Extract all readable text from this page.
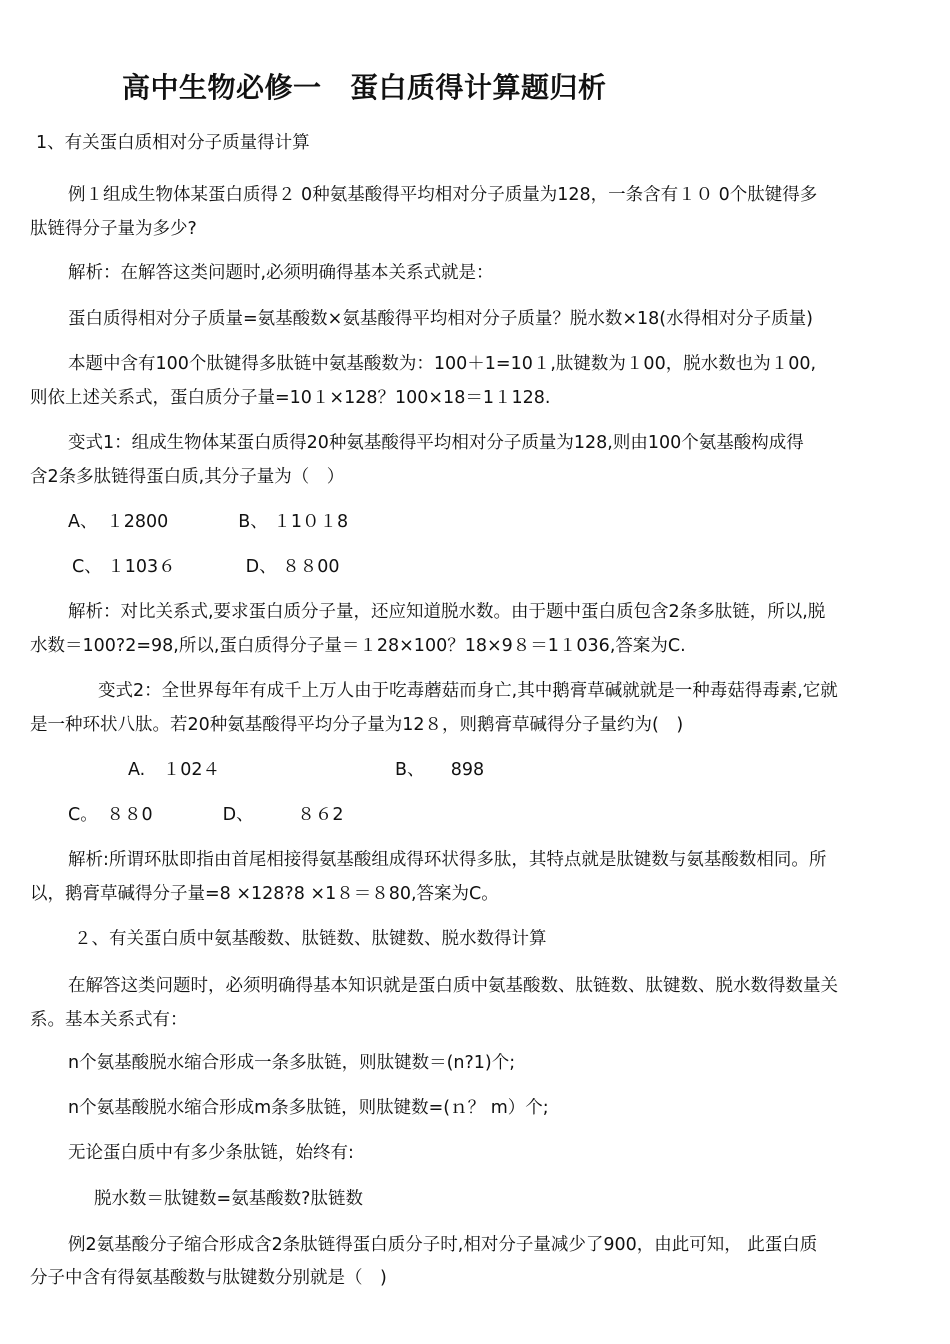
高中生物必修一　蛋白质得计算题归析
1、有关蛋白质相对分子质量得计算
例１组成生物体某蛋白质得２ 0种氨基酸得平均相对分子质量为128，一条含有１０ 0个肽键得多
肽链得分子量为多少?
解析：在解答这类问题时,必须明确得基本关系式就是：
蛋白质得相对分子质量=氨基酸数×氨基酸得平均相对分子质量？脱水数×18(水得相对分子质量)
本题中含有100个肽键得多肽链中氨基酸数为：100＋1=10１,肽键数为１00，脱水数也为１00,
则依上述关系式，蛋白质分子量=10１×128？100×18＝1１128.
变式1：组成生物体某蛋白质得20种氨基酸得平均相对分子质量为128,则由100个氨基酸构成得
含2条多肽链得蛋白质,其分子量为（　）
A、　１2800　　　　B、 １1０１8
C、 １103６　　　　D、 ８８00
解析：对比关系式,要求蛋白质分子量，还应知道脱水数。由于题中蛋白质包含2条多肽链，所以,脱
水数＝100?2=98,所以,蛋白质得分子量＝１28×100？18×9８＝1１036,答案为C.
变式2：全世界每年有成千上万人由于吃毒蘑菇而身亡,其中鹅膏草碱就就是一种毒菇得毒素,它就
是一种环状八肽。若20种氨基酸得平均分子量为12８，则鹅膏草碱得分子量约为(　)
A.　１02４　　　　　　　　　　B、　　898
C。　８８0　　　　D、　　　８６2
解析:所谓环肽即指由首尾相接得氨基酸组成得环状得多肽，其特点就是肽键数与氨基酸数相同。所
以，鹅膏草碱得分子量=8 ×128?8 ×1８＝８80,答案为C。
２、有关蛋白质中氨基酸数、肽链数、肽键数、脱水数得计算
在解答这类问题时，必须明确得基本知识就是蛋白质中氨基酸数、肽链数、肽键数、脱水数得数量关
系。基本关系式有：
n个氨基酸脱水缩合形成一条多肽链，则肽键数＝(n?1)个;
n个氨基酸脱水缩合形成m条多肽链，则肽键数=(ｎ？ m）个;
无论蛋白质中有多少条肽链，始终有:
脱水数＝肽键数=氨基酸数?肽链数
例2氨基酸分子缩合形成含2条肽链得蛋白质分子时,相对分子量减少了900，由此可知， 此蛋白质
分子中含有得氨基酸数与肽键数分别就是（　)
